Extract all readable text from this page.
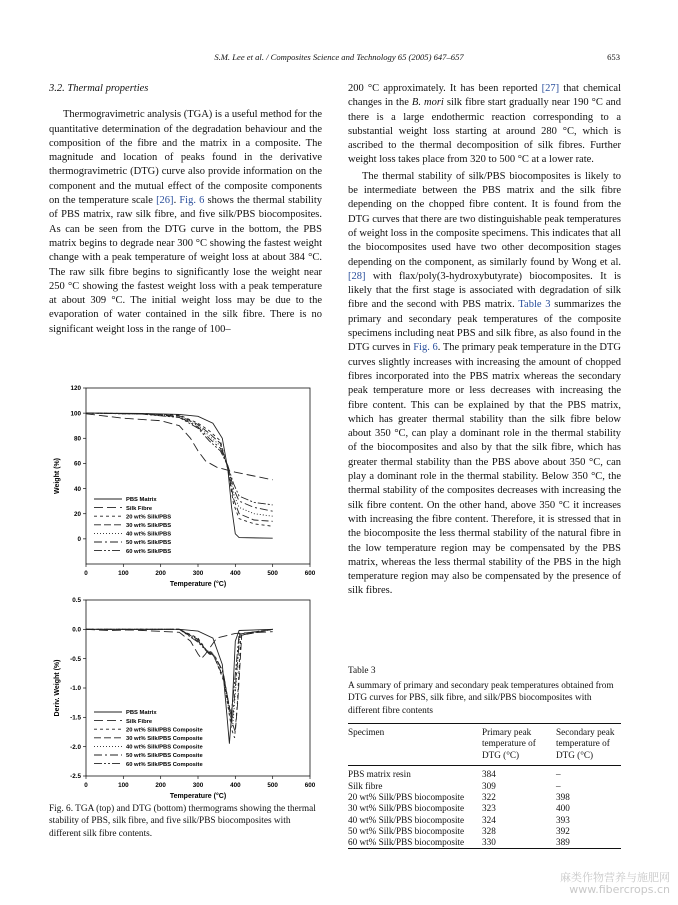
S.M. Lee et al. / Composites Science and Technology 65 (2005) 647–657	653

3.2. Thermal properties

Thermogravimetric analysis (TGA) is a useful method for the quantitative determination of the degradation behaviour and the composition of the fibre and the matrix in a composite. The magnitude and location of peaks found in the derivative thermogravimetric (DTG) curve also provide information on the component and the mutual effect of the composite components on the temperature scale [26]. Fig. 6 shows the thermal stability of PBS matrix, raw silk fibre, and five silk/PBS biocomposites. As can be seen from the DTG curve in the bottom, the PBS matrix begins to degrade near 300 °C showing the fastest weight change with a peak temperature of weight loss at about 384 °C. The raw silk fibre begins to significantly lose the weight near 250 °C showing the fastest weight loss with a peak temperature at about 309 °C. The initial weight loss may be due to the evaporation of water contained in the silk fibre. There is no significant weight loss in the range of 100–

200 °C approximately. It has been reported [27] that chemical changes in the B. mori silk fibre start gradually near 190 °C and there is a large endothermic reaction corresponding to a substantial weight loss starting at around 280 °C, which is ascribed to the thermal decomposition of silk fibres. Further weight loss takes place from 320 to 500 °C at a lower rate.

The thermal stability of silk/PBS biocomposites is likely to be intermediate between the PBS matrix and the silk fibre depending on the chopped fibre content. It is found from the DTG curves that there are two distinguishable peak temperatures of weight loss in the composite specimens. This indicates that all the biocomposites used have two other decomposition stages depending on the component, as similarly found by Wong et al. [28] with flax/poly(3-hydroxybutyrate) biocomposites. It is likely that the first stage is associated with degradation of silk fibre and the second with PBS matrix. Table 3 summarizes the primary and secondary peak temperatures of the composite specimens including neat PBS and silk fibre, as also found in the DTG curves in Fig. 6. The primary peak temperature in the DTG curves slightly increases with increasing the amount of chopped fibres incorporated into the PBS matrix whereas the secondary peak temperature more or less decreases with increasing the fibre content. This can be explained by that the PBS matrix, which has greater thermal stability than the silk fibre below about 350 °C, can play a dominant role in the thermal stability of the biocomposites and also by that the silk fibre, which has greater thermal stability than the PBS above about 350 °C, can play a dominant role in the thermal stability. Below 350 °C, the thermal stability of the composites decreases with increasing the silk fibre content. On the other hand, above 350 °C it increases with increasing the fibre content. Therefore, it is stressed that in the biocomposite the less thermal stability of the natural fibre in the low temperature region may be compensated by the PBS matrix, whereas the less thermal stability of the PBS in the high temperature region may also be compensated by the presence of silk fibres.

0	100	200	300	400	500	600
0
20
40
60
80
100
120
Temperature (°C)
Weight (%)
PBS Matrix
Silk Fibre
20 wt% Silk/PBS
30 wt% Silk/PBS
40 wt% Silk/PBS
50 wt% Silk/PBS
60 wt% Silk/PBS
0	100	200	300	400	500	600
-2.5
-2.0
-1.5
-1.0
-0.5
0.0
0.5
Temperature (°C)
Deriv. Weight (%)	PBS Matrix
Silk Fibre
20 wt% Silk/PBS Composite
30 wt% Silk/PBS Composite
40 wt% Silk/PBS Composite
50 wt% Silk/PBS Composite
60 wt% Silk/PBS Composite
Fig. 6. TGA (top) and DTG (bottom) thermograms showing the thermal stability of PBS, silk fibre, and five silk/PBS biocomposites with different silk fibre contents.

Table 3

A summary of primary and secondary peak temperatures obtained from DTG curves for PBS, silk fibre, and silk/PBS biocomposites with different fibre contents

Specimen	Primary peak temperature of DTG (°C)	Secondary peak temperature of DTG (°C)
PBS matrix resin	384	–
Silk fibre	309	–
20 wt% Silk/PBS biocomposite	322	398
30 wt% Silk/PBS biocomposite	323	400
40 wt% Silk/PBS biocomposite	324	393
50 wt% Silk/PBS biocomposite	328	392
60 wt% Silk/PBS biocomposite	330	389
麻类作物营养与施肥网
www.fibercrops.cn
